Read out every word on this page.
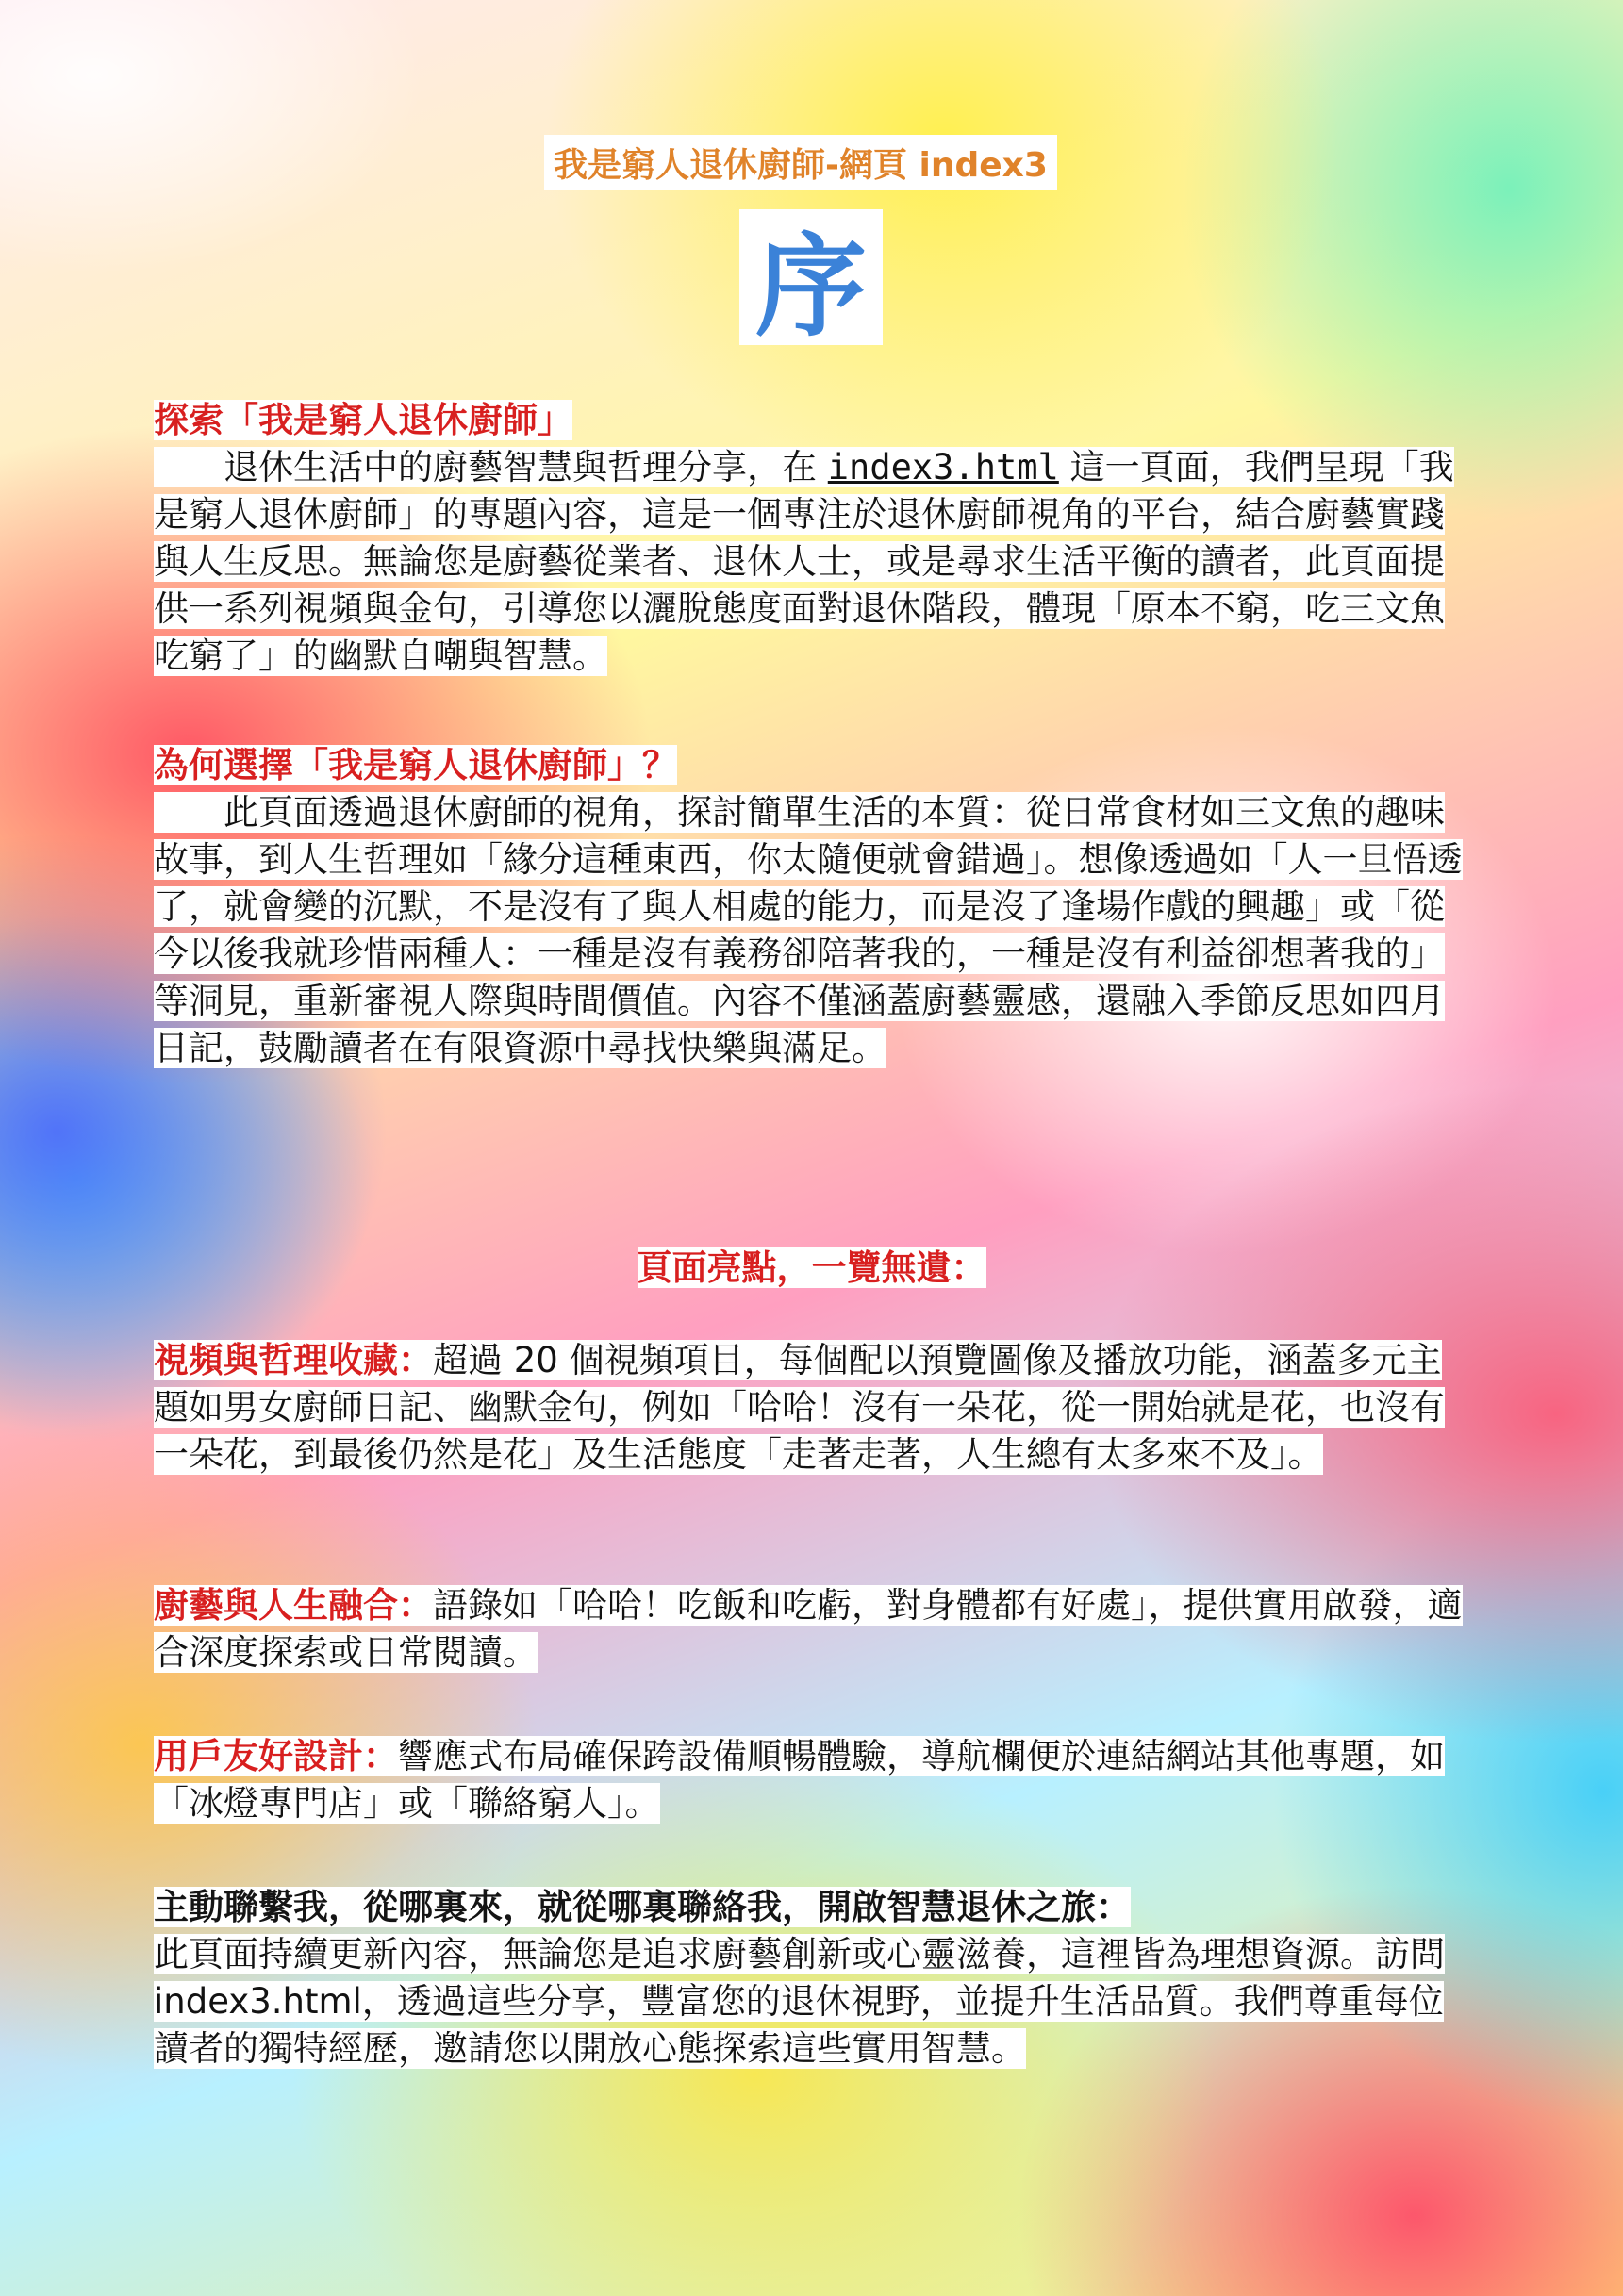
我是窮人退休廚師-網頁 index3
序
探索「我是窮人退休廚師」

　　退休生活中的廚藝智慧與哲理分享，在 index3.html 這一頁面，我們呈現「我是窮人退休廚師」的專題內容，這是一個專注於退休廚師視角的平台，結合廚藝實踐與人生反思。無論您是廚藝從業者、退休人士，或是尋求生活平衡的讀者，此頁面提供一系列視頻與金句，引導您以灑脫態度面對退休階段，體現「原本不窮，吃三文魚吃窮了」的幽默自嘲與智慧。

為何選擇「我是窮人退休廚師」？

　　此頁面透過退休廚師的視角，探討簡單生活的本質：從日常食材如三文魚的趣味故事，到人生哲理如「緣分這種東西，你太隨便就會錯過」。想像透過如「人一旦悟透了，就會變的沉默，不是沒有了與人相處的能力，而是沒了逢場作戲的興趣」或「從今以後我就珍惜兩種人：一種是沒有義務卻陪著我的，一種是沒有利益卻想著我的」等洞見，重新審視人際與時間價值。內容不僅涵蓋廚藝靈感，還融入季節反思如四月日記，鼓勵讀者在有限資源中尋找快樂與滿足。

頁面亮點，一覽無遺：

視頻與哲理收藏：超過 20 個視頻項目，每個配以預覽圖像及播放功能，涵蓋多元主題如男女廚師日記、幽默金句，例如「哈哈！沒有一朵花，從一開始就是花，也沒有一朵花，到最後仍然是花」及生活態度「走著走著，人生總有太多來不及」。

廚藝與人生融合：語錄如「哈哈！吃飯和吃虧，對身體都有好處」，提供實用啟發，適合深度探索或日常閱讀。

用戶友好設計：響應式布局確保跨設備順暢體驗，導航欄便於連結網站其他專題，如「冰燈專門店」或「聯絡窮人」。

主動聯繫我，從哪裏來，就從哪裏聯絡我，開啟智慧退休之旅：

此頁面持續更新內容，無論您是追求廚藝創新或心靈滋養，這裡皆為理想資源。訪問 index3.html，透過這些分享，豐富您的退休視野，並提升生活品質。我們尊重每位讀者的獨特經歷，邀請您以開放心態探索這些實用智慧。
